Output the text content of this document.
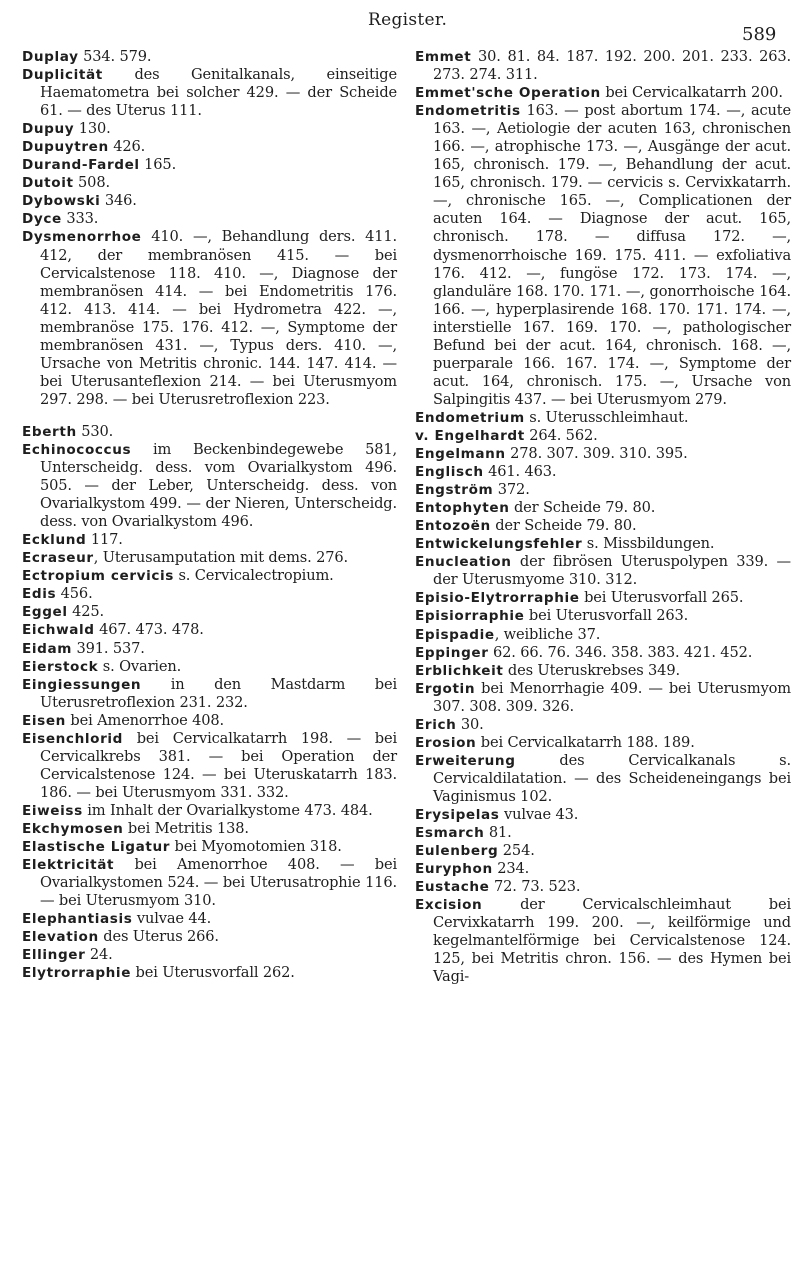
Register.
589

Duplay 534. 579.

Duplicität des Genitalkanals, einseitige Haematometra bei solcher 429. — der Scheide 61. — des Uterus 111.

Dupuy 130.

Dupuytren 426.

Durand-Fardel 165.

Dutoit 508.

Dybowski 346.

Dyce 333.

Dysmenorrhoe 410. —, Behandlung ders. 411. 412, der membranösen 415. — bei Cervicalstenose 118. 410. —, Diagnose der membranösen 414. — bei Endometritis 176. 412. 413. 414. — bei Hydrometra 422. —, membranöse 175. 176. 412. —, Symptome der membranösen 431. —, Typus ders. 410. —, Ursache von Metritis chronic. 144. 147. 414. — bei Uterusanteflexion 214. — bei Uterusmyom 297. 298. — bei Uterusretroflexion 223.

Eberth 530.

Echinococcus im Beckenbindegewebe 581, Unterscheidg. dess. vom Ovarialkystom 496. 505. — der Leber, Unterscheidg. dess. von Ovarialkystom 499. — der Nieren, Unterscheidg. dess. von Ovarialkystom 496.

Ecklund 117.

Ecraseur, Uterusamputation mit dems. 276.

Ectropium cervicis s. Cervicalectropium.

Edis 456.

Eggel 425.

Eichwald 467. 473. 478.

Eidam 391. 537.

Eierstock s. Ovarien.

Eingiessungen in den Mastdarm bei Uterusretroflexion 231. 232.

Eisen bei Amenorrhoe 408.

Eisenchlorid bei Cervicalkatarrh 198. — bei Cervicalkrebs 381. — bei Operation der Cervicalstenose 124. — bei Uteruskatarrh 183. 186. — bei Uterusmyom 331. 332.

Eiweiss im Inhalt der Ovarialkystome 473. 484.

Ekchymosen bei Metritis 138.

Elastische Ligatur bei Myomotomien 318.

Elektricität bei Amenorrhoe 408. — bei Ovarialkystomen 524. — bei Uterusatrophie 116. — bei Uterusmyom 310.

Elephantiasis vulvae 44.

Elevation des Uterus 266.

Ellinger 24.

Elytrorraphie bei Uterusvorfall 262.

Emmet 30. 81. 84. 187. 192. 200. 201. 233. 263. 273. 274. 311.

Emmet'sche Operation bei Cervicalkatarrh 200.

Endometritis 163. — post abortum 174. —, acute 163. —, Aetiologie der acuten 163, chronischen 166. —, atrophische 173. —, Ausgänge der acut. 165, chronisch. 179. —, Behandlung der acut. 165, chronisch. 179. — cervicis s. Cervixkatarrh. —, chronische 165. —, Complicationen der acuten 164. — Diagnose der acut. 165, chronisch. 178. — diffusa 172. —, dysmenorrhoische 169. 175. 411. — exfoliativa 176. 412. —, fungöse 172. 173. 174. —, glanduläre 168. 170. 171. —, gonorrhoische 164. 166. —, hyperplasirende 168. 170. 171. 174. —, interstielle 167. 169. 170. —, pathologischer Befund bei der acut. 164, chronisch. 168. —, puerparale 166. 167. 174. —, Symptome der acut. 164, chronisch. 175. —, Ursache von Salpingitis 437. — bei Uterusmyom 279.

Endometrium s. Uterusschleimhaut.

v. Engelhardt 264. 562.

Engelmann 278. 307. 309. 310. 395.

Englisch 461. 463.

Engström 372.

Entophyten der Scheide 79. 80.

Entozoën der Scheide 79. 80.

Entwickelungsfehler s. Missbildungen.

Enucleation der fibrösen Uteruspolypen 339. — der Uterusmyome 310. 312.

Episio-Elytrorraphie bei Uterusvorfall 265.

Episiorraphie bei Uterusvorfall 263.

Epispadie, weibliche 37.

Eppinger 62. 66. 76. 346. 358. 383. 421. 452.

Erblichkeit des Uteruskrebses 349.

Ergotin bei Menorrhagie 409. — bei Uterusmyom 307. 308. 309. 326.

Erich 30.

Erosion bei Cervicalkatarrh 188. 189.

Erweiterung des Cervicalkanals s. Cervicaldilatation. — des Scheideneingangs bei Vaginismus 102.

Erysipelas vulvae 43.

Esmarch 81.

Eulenberg 254.

Euryphon 234.

Eustache 72. 73. 523.

Excision der Cervicalschleimhaut bei Cervixkatarrh 199. 200. —, keilförmige und kegelmantelförmige bei Cervicalstenose 124. 125, bei Metritis chron. 156. — des Hymen bei Vagi-
